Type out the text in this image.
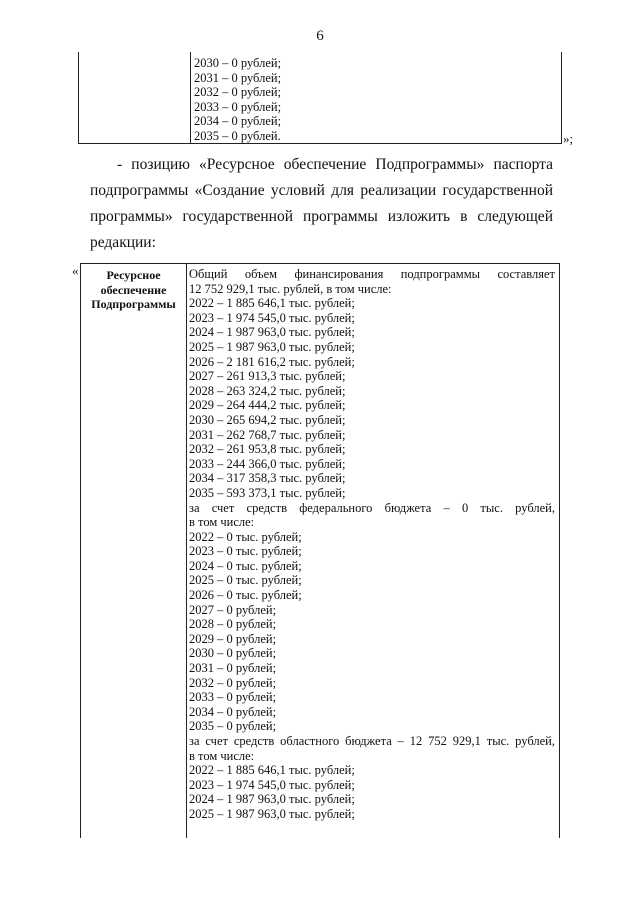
6
2030 – 0 рублей;
2031 – 0 рублей;
2032 – 0 рублей;
2033 – 0 рублей;
2034 – 0 рублей;
2035 – 0 рублей.	»;
- позицию «Ресурсное обеспечение Подпрограммы» паспорта
подпрограммы «Создание условий для реализации государственной
программы» государственной программы изложить в следующей
редакции:
«	Ресурсное
обеспечение
Подпрограммы
Общий объем финансирования подпрограммы составляет
12 752 929,1 тыс. рублей, в том числе:
2022 – 1 885 646,1 тыс. рублей;
2023 – 1 974 545,0 тыс. рублей;
2024 – 1 987 963,0 тыс. рублей;
2025 – 1 987 963,0 тыс. рублей;
2026 – 2 181 616,2 тыс. рублей;
2027 – 261 913,3 тыс. рублей;
2028 – 263 324,2 тыс. рублей;
2029 – 264 444,2 тыс. рублей;
2030 – 265 694,2 тыс. рублей;
2031 – 262 768,7 тыс. рублей;
2032 – 261 953,8 тыс. рублей;
2033 – 244 366,0 тыс. рублей;
2034 – 317 358,3 тыс. рублей;
2035 – 593 373,1 тыс. рублей;
за счет средств федерального бюджета – 0 тыс. рублей,
в том числе:
2022 – 0 тыс. рублей;
2023 – 0 тыс. рублей;
2024 – 0 тыс. рублей;
2025 – 0 тыс. рублей;
2026 – 0 тыс. рублей;
2027 – 0 рублей;
2028 – 0 рублей;
2029 – 0 рублей;
2030 – 0 рублей;
2031 – 0 рублей;
2032 – 0 рублей;
2033 – 0 рублей;
2034 – 0 рублей;
2035 – 0 рублей;
за счет средств областного бюджета – 12 752 929,1 тыс. рублей,
в том числе:
2022 – 1 885 646,1 тыс. рублей;
2023 – 1 974 545,0 тыс. рублей;
2024 – 1 987 963,0 тыс. рублей;
2025 – 1 987 963,0 тыс. рублей;
